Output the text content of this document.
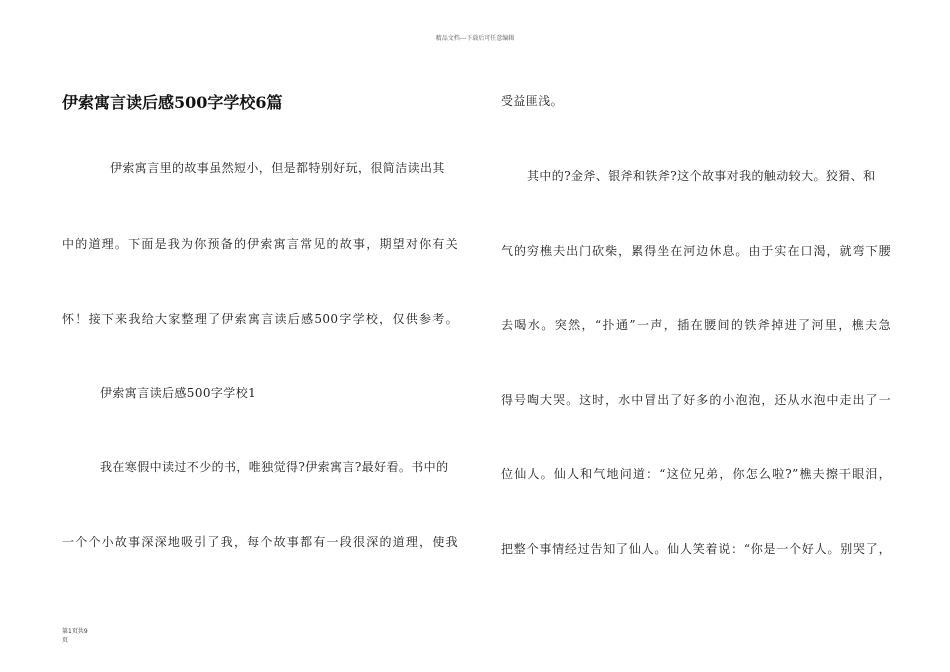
精品文档---下载后可任意编辑
伊索寓言读后感500字学校6篇
伊索寓言里的故事虽然短小，但是都特别好玩，很简洁读出其
中的道理。下面是我为你预备的伊索寓言常见的故事，期望对你有关
怀！接下来我给大家整理了伊索寓言读后感500字学校，仅供参考。
伊索寓言读后感500字学校1
我在寒假中读过不少的书，唯独觉得?伊索寓言?最好看。书中的
一个个小故事深深地吸引了我，每个故事都有一段很深的道理，使我
受益匪浅。
其中的?金斧、银斧和铁斧?这个故事对我的触动较大。狡猾、和
气的穷樵夫出门砍柴，累得坐在河边休息。由于实在口渴，就弯下腰
去喝水。突然，“扑通”一声，插在腰间的铁斧掉进了河里，樵夫急
得号啕大哭。这时，水中冒出了好多的小泡泡，还从水泡中走出了一
位仙人。仙人和气地问道：“这位兄弟，你怎么啦?”樵夫擦干眼泪，
把整个事情经过告知了仙人。仙人笑着说：“你是一个好人。别哭了，
第1页共9
页
